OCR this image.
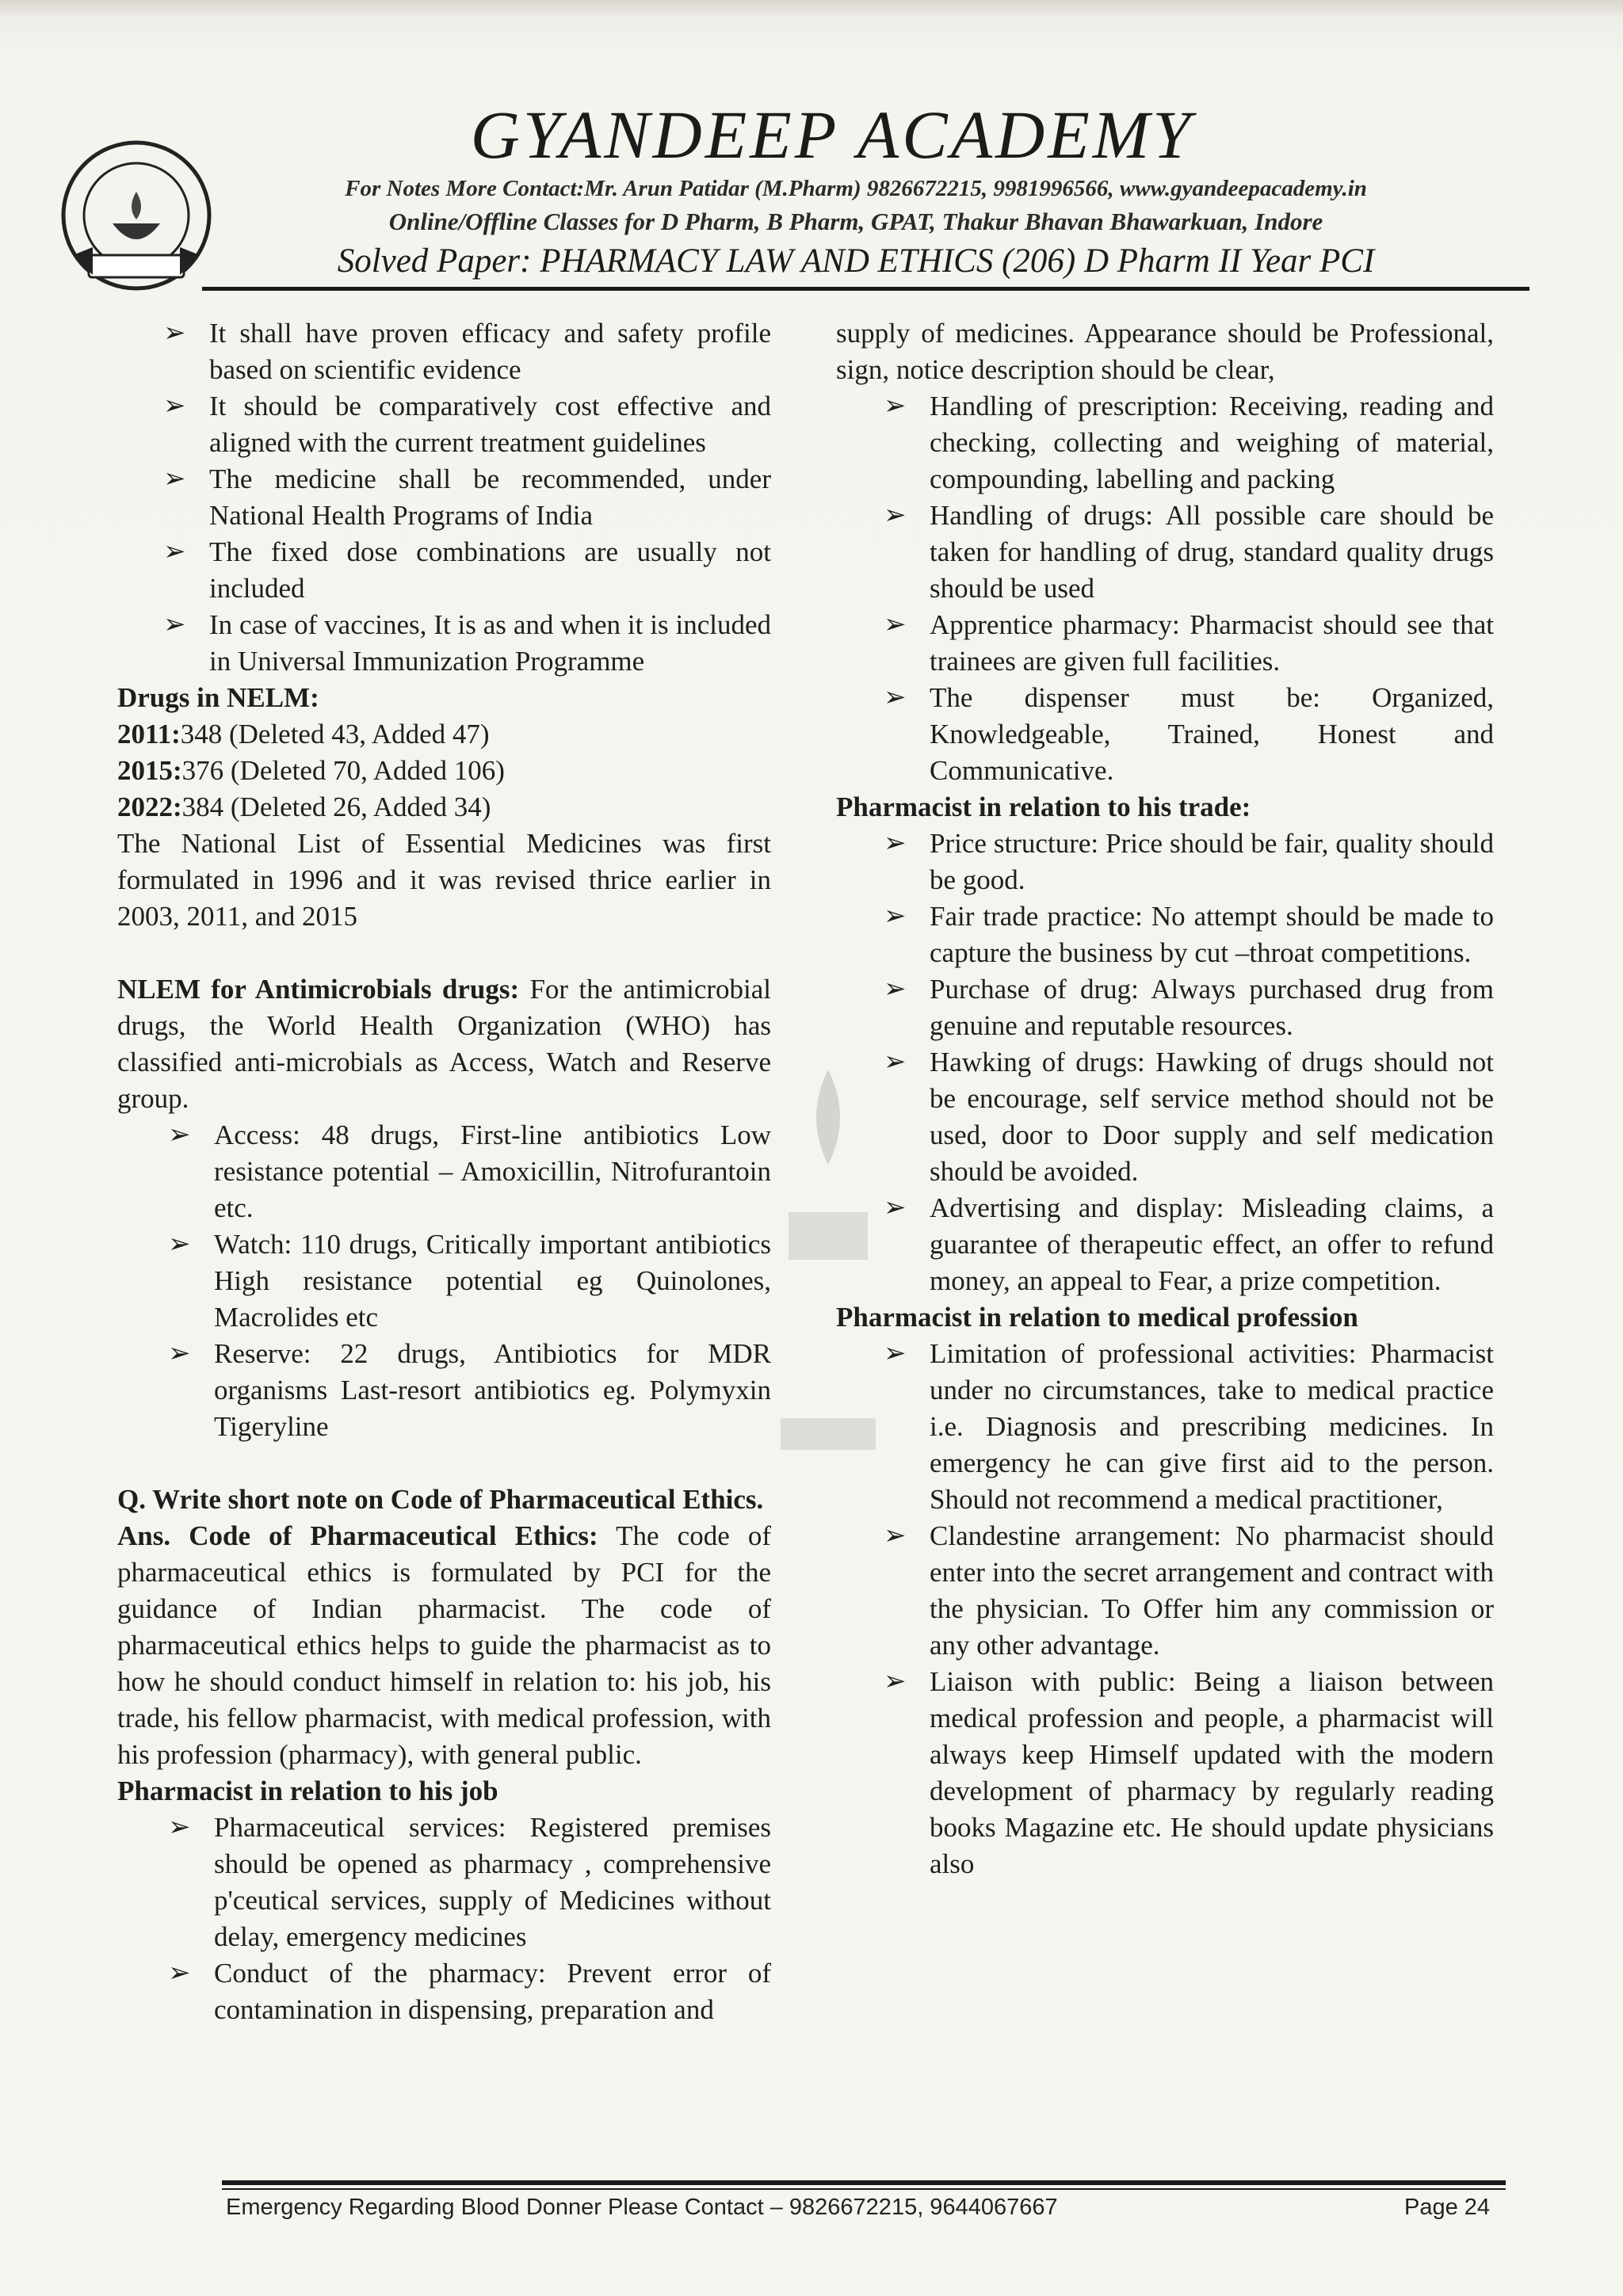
GYANDEEP ACADEMY
For Notes More Contact:Mr. Arun Patidar (M.Pharm) 9826672215, 9981996566, www.gyandeepacademy.in
Online/Offline Classes for D Pharm, B Pharm, GPAT, Thakur Bhavan Bhawarkuan, Indore
Solved Paper: PHARMACY LAW AND ETHICS (206) D Pharm II Year PCI
➢ It shall have proven efficacy and safety profile based on scientific evidence
➢ It should be comparatively cost effective and aligned with the current treatment guidelines
➢ The medicine shall be recommended, under National Health Programs of India
➢ The fixed dose combinations are usually not included
➢ In case of vaccines, It is as and when it is included in Universal Immunization Programme

Drugs in NELM:

2011:348 (Deleted 43, Added 47)

2015:376 (Deleted 70, Added 106)

2022:384 (Deleted 26, Added 34)

The National List of Essential Medicines was first formulated in 1996 and it was revised thrice earlier in 2003, 2011, and 2015

NLEM for Antimicrobials drugs: For the antimicrobial drugs, the World Health Organization (WHO) has classified anti-microbials as Access, Watch and Reserve group.

➢ Access: 48 drugs, First-line antibiotics Low resistance potential – Amoxicillin, Nitrofurantoin etc.
➢ Watch: 110 drugs, Critically important antibiotics High resistance potential eg Quinolones, Macrolides etc
➢ Reserve: 22 drugs, Antibiotics for MDR organisms Last-resort antibiotics eg. Polymyxin Tigeryline

Q. Write short note on Code of Pharmaceutical Ethics.

Ans. Code of Pharmaceutical Ethics: The code of pharmaceutical ethics is formulated by PCI for the guidance of Indian pharmacist. The code of pharmaceutical ethics helps to guide the pharmacist as to how he should conduct himself in relation to: his job, his trade, his fellow pharmacist, with medical profession, with his profession (pharmacy), with general public.

Pharmacist in relation to his job

➢ Pharmaceutical services: Registered premises should be opened as pharmacy , comprehensive p'ceutical services, supply of Medicines without delay, emergency medicines
➢ Conduct of the pharmacy: Prevent error of contamination in dispensing, preparation and

supply of medicines. Appearance should be Professional, sign, notice description should be clear,

➢ Handling of prescription: Receiving, reading and checking, collecting and weighing of material, compounding, labelling and packing
➢ Handling of drugs: All possible care should be taken for handling of drug, standard quality drugs should be used
➢ Apprentice pharmacy: Pharmacist should see that trainees are given full facilities.
➢ The dispenser must be: Organized, Knowledgeable, Trained, Honest and Communicative.

Pharmacist in relation to his trade:

➢ Price structure: Price should be fair, quality should be good.
➢ Fair trade practice: No attempt should be made to capture the business by cut –throat competitions.
➢ Purchase of drug: Always purchased drug from genuine and reputable resources.
➢ Hawking of drugs: Hawking of drugs should not be encourage, self service method should not be used, door to Door supply and self medication should be avoided.
➢ Advertising and display: Misleading claims, a guarantee of therapeutic effect, an offer to refund money, an appeal to Fear, a prize competition.

Pharmacist in relation to medical profession

➢ Limitation of professional activities: Pharmacist under no circumstances, take to medical practice i.e. Diagnosis and prescribing medicines. In emergency he can give first aid to the person. Should not recommend a medical practitioner,
➢ Clandestine arrangement: No pharmacist should enter into the secret arrangement and contract with the physician. To Offer him any commission or any other advantage.
➢ Liaison with public: Being a liaison between medical profession and people, a pharmacist will always keep Himself updated with the modern development of pharmacy by regularly reading books Magazine etc. He should update physicians also
Emergency Regarding Blood Donner Please Contact – 9826672215, 9644067667	Page 24
